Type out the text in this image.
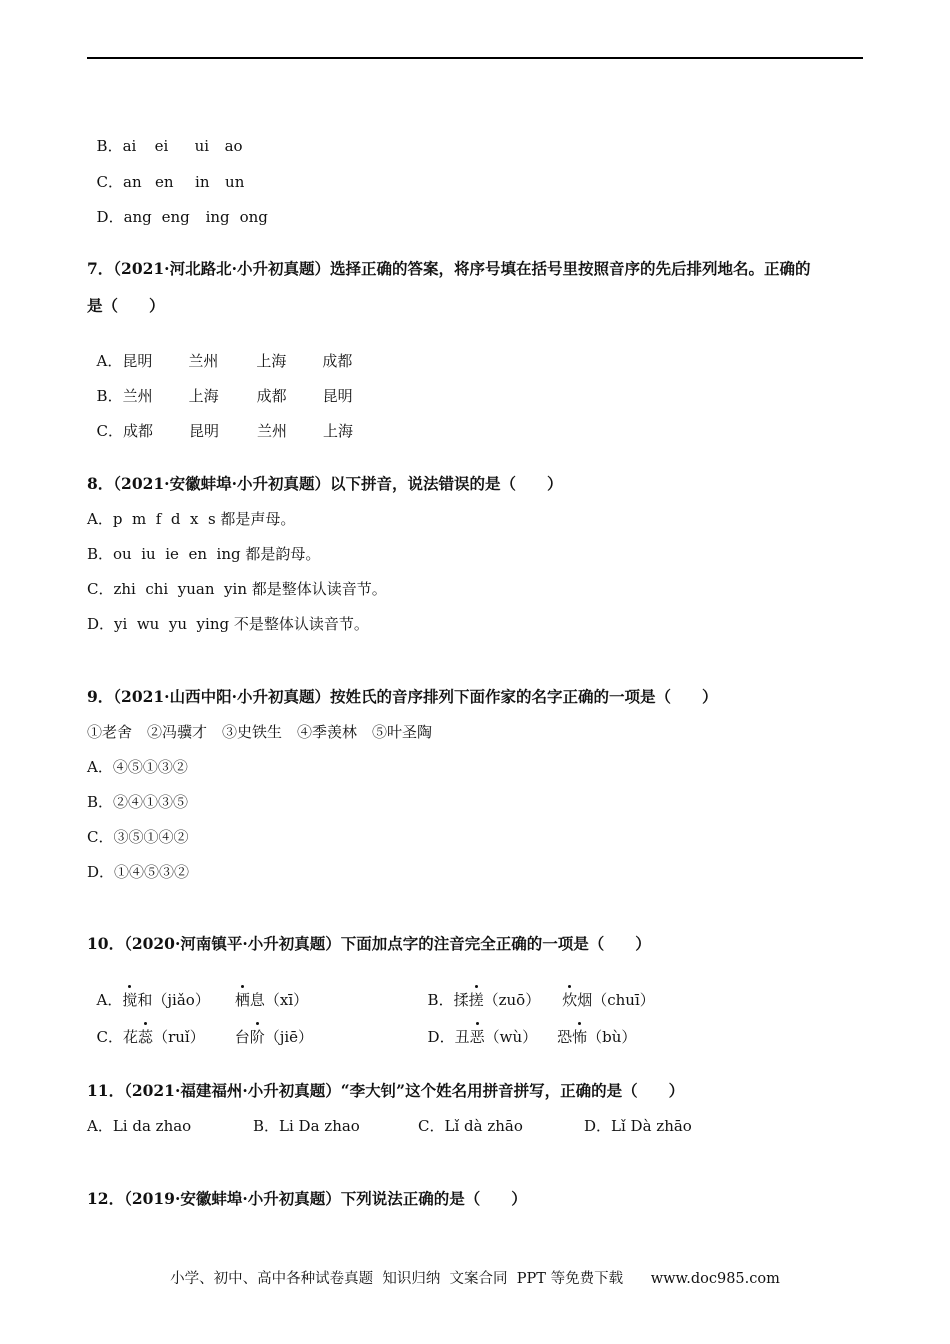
B．ai ei ui ao

C．an en in un

D．ang eng ing ong

7．（2021·河北路北·小升初真题）选择正确的答案，将序号填在括号里按照音序的先后排列地名。正确的
是（　　）

A．昆明 兰州	上海 成都

B．兰州 上海	成都 昆明

C．成都 昆明	兰州 上海

8．（2021·安徽蚌埠·小升初真题）以下拼音，说法错误的是（　　）
A．p  m  f  d  x  s 都是声母。
B．ou  iu  ie  en  ing 都是韵母。
C．zhi  chi  yuan  yin 都是整体认读音节。
D．yi  wu  yu  ying 不是整体认读音节。
9．（2021·山西中阳·小升初真题）按姓氏的音序排列下面作家的名字正确的一项是（　　）
①老舍　②冯骥才　③史铁生　④季羡林　⑤叶圣陶
A．④⑤①③②
B．②④①③⑤
C．③⑤①④②
D．①④⑤③②
10．（2020·河南镇平·小升初真题）下面加点字的注音完全正确的一项是（　　）

A．搅和（jiǎo） 栖息（xī）	B．揉搓（zuō） 炊烟（chuī）

C．花蕊（ruǐ） 台阶（jiē）	D．丑恶（wù） 恐怖（bù）

11．（2021·福建福州·小升初真题）“李大钊”这个姓名用拼音拼写，正确的是（　　）
A．Li da zhao	B．Li Da zhao	C．Lǐ dà zhāo	D．Lǐ Dà zhāo
12．（2019·安徽蚌埠·小升初真题）下列说法正确的是（　　）
小学、初中、高中各种试卷真题  知识归纳  文案合同  PPT 等免费下载      www.doc985.com
